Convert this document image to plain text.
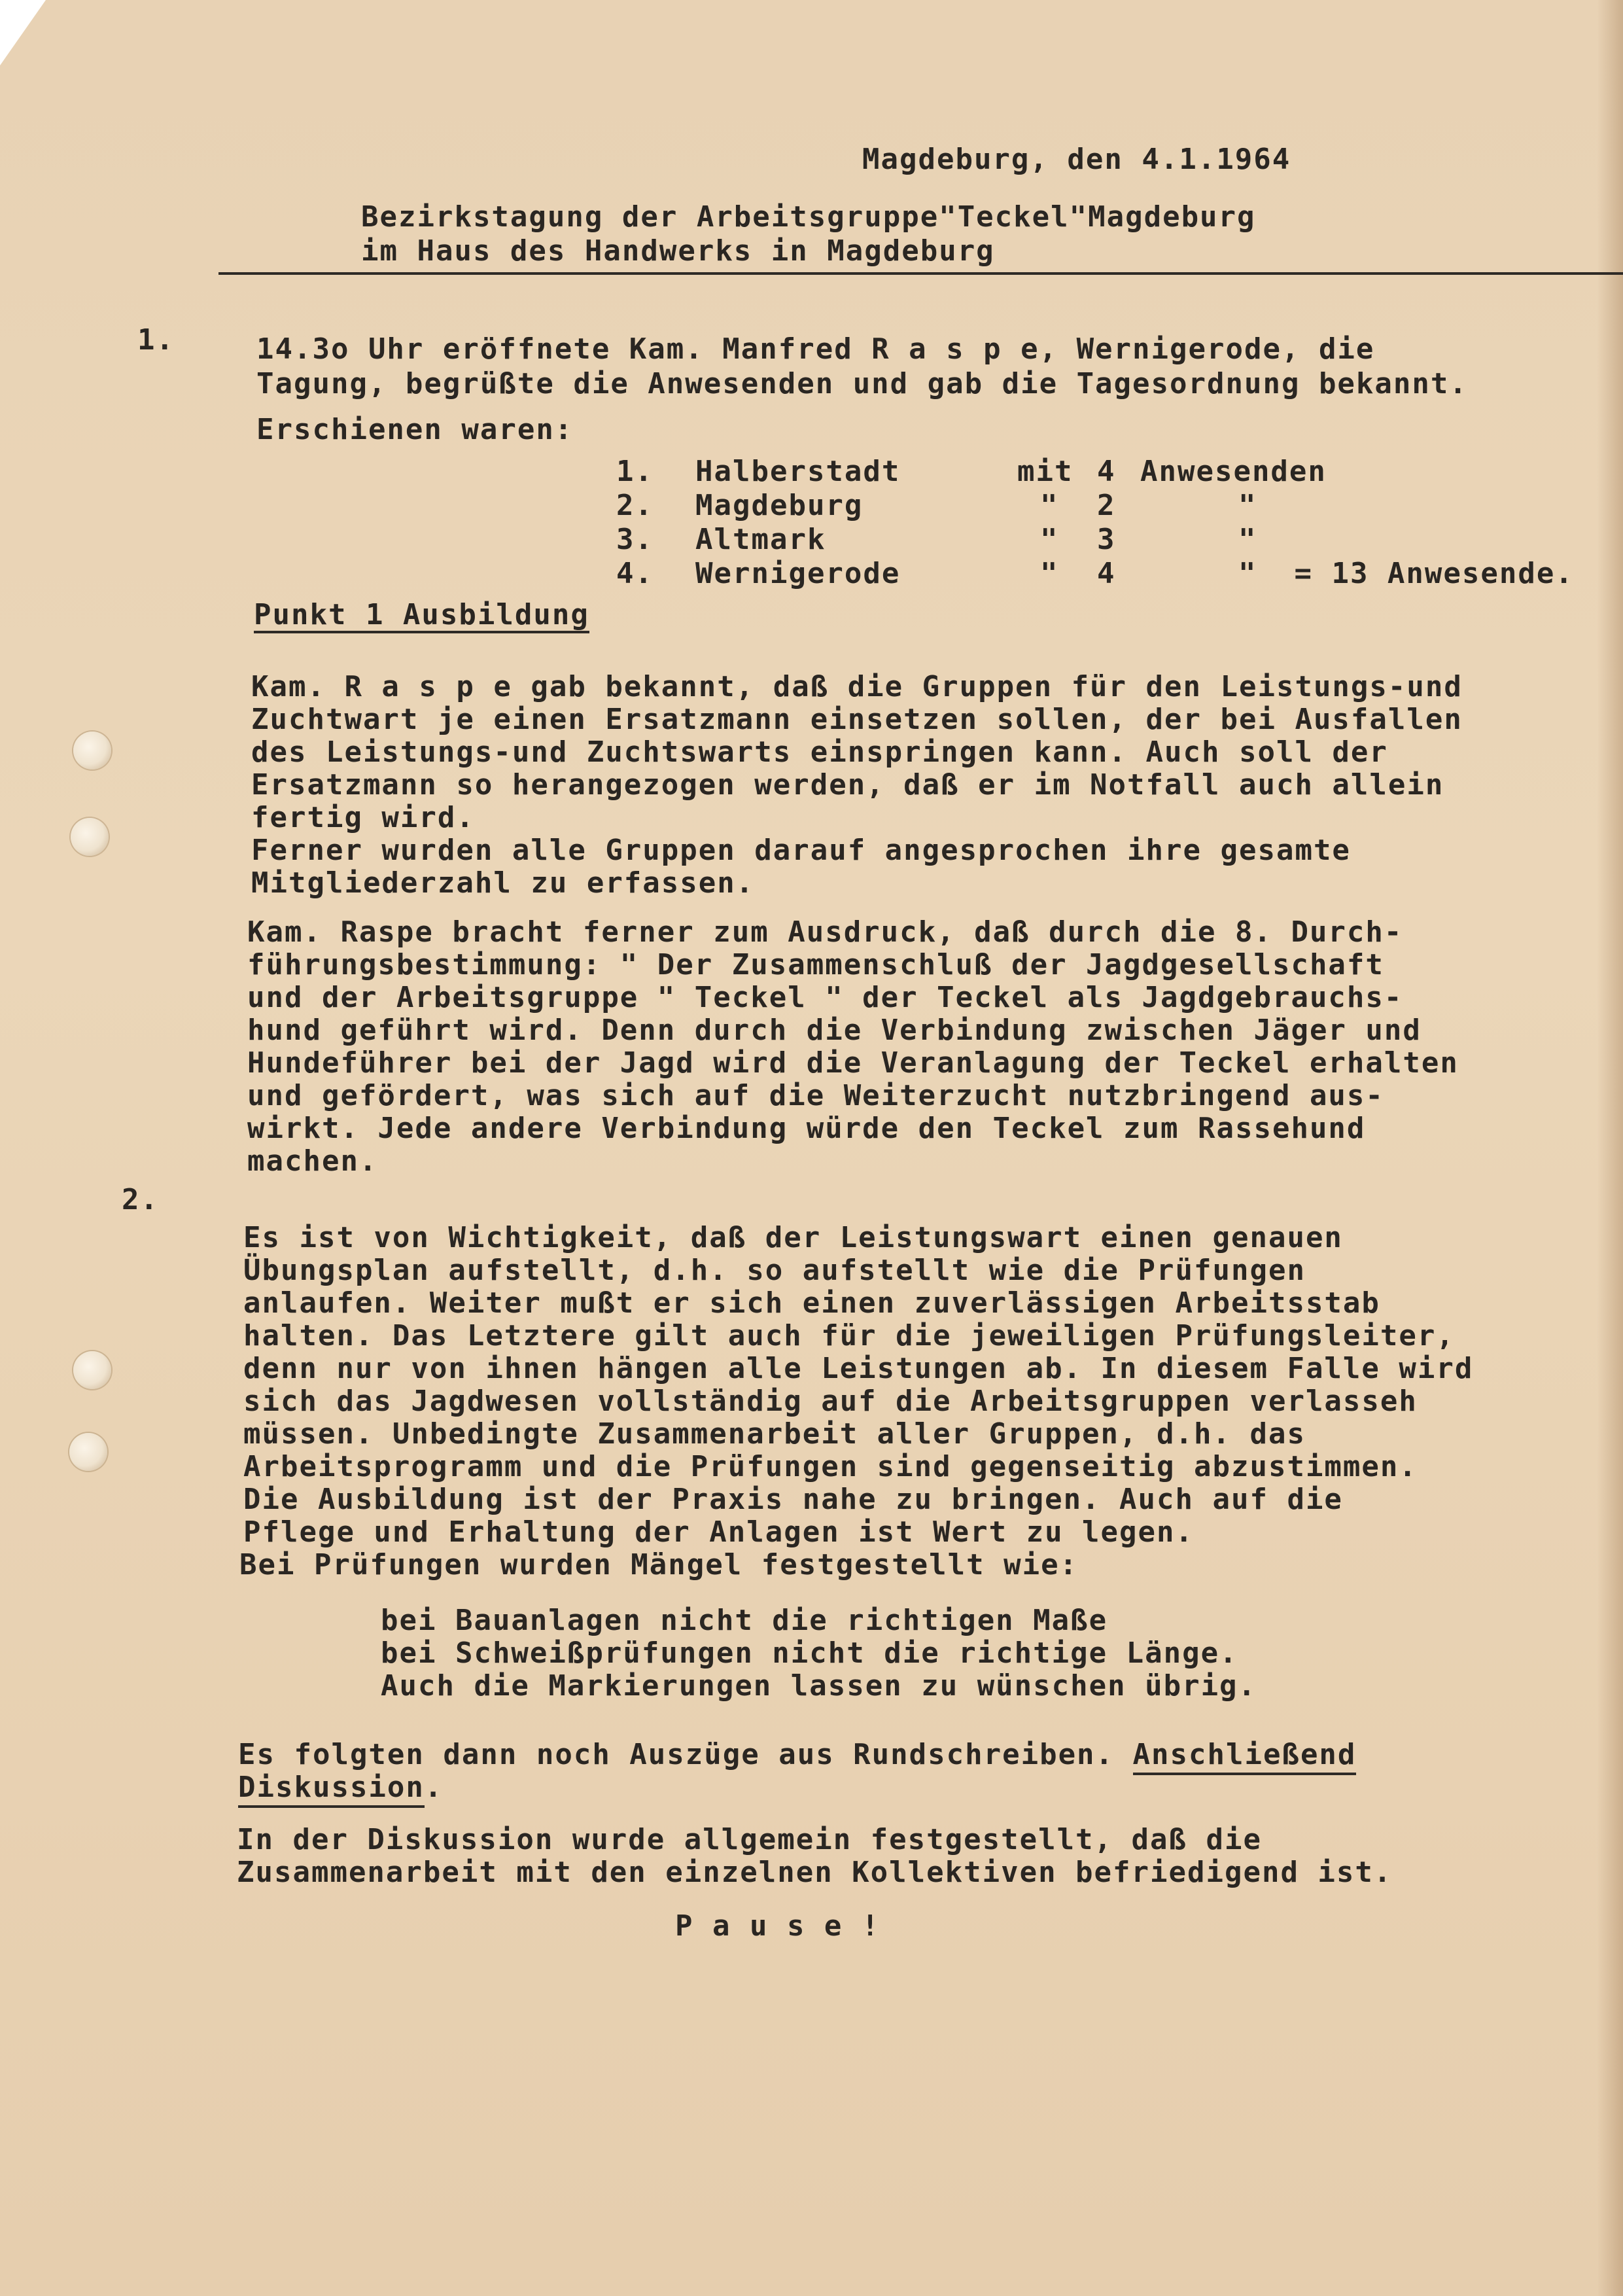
Magdeburg, den 4.1.1964
Bezirkstagung der Arbeitsgruppe"Teckel"Magdeburg
im Haus des Handwerks in Magdeburg
1.
2.
14.3o Uhr eröffnete Kam. Manfred R a s p e, Wernigerode, die
Tagung, begrüßte die Anwesenden und gab die Tagesordnung bekannt.
Erschienen waren:
1. Halberstadt	mit 4 Anwesenden
2. Magdeburg	" 2	"
3. Altmark	" 3	"
4. Wernigerode	" 4	"  = 13 Anwesende.
Punkt 1 Ausbildung
Kam. R a s p e gab bekannt, daß die Gruppen für den Leistungs-und
Zuchtwart je einen Ersatzmann einsetzen sollen, der bei Ausfallen
des Leistungs-und Zuchtswarts einspringen kann. Auch soll der
Ersatzmann so herangezogen werden, daß er im Notfall auch allein
fertig wird.
Ferner wurden alle Gruppen darauf angesprochen ihre gesamte
Mitgliederzahl zu erfassen.
Kam. Raspe bracht ferner zum Ausdruck, daß durch die 8. Durch-
führungsbestimmung: " Der Zusammenschluß der Jagdgesellschaft
und der Arbeitsgruppe " Teckel " der Teckel als Jagdgebrauchs-
hund geführt wird. Denn durch die Verbindung zwischen Jäger und
Hundeführer bei der Jagd wird die Veranlagung der Teckel erhalten
und gefördert, was sich auf die Weiterzucht nutzbringend aus-
wirkt. Jede andere Verbindung würde den Teckel zum Rassehund
machen.
Es ist von Wichtigkeit, daß der Leistungswart einen genauen
Übungsplan aufstellt, d.h. so aufstellt wie die Prüfungen
anlaufen. Weiter mußt er sich einen zuverlässigen Arbeitsstab
halten. Das Letztere gilt auch für die jeweiligen Prüfungsleiter,
denn nur von ihnen hängen alle Leistungen ab. In diesem Falle wird
sich das Jagdwesen vollständig auf die Arbeitsgruppen verlasseh
müssen. Unbedingte Zusammenarbeit aller Gruppen, d.h. das
Arbeitsprogramm und die Prüfungen sind gegenseitig abzustimmen.
Die Ausbildung ist der Praxis nahe zu bringen. Auch auf die
Pflege und Erhaltung der Anlagen ist Wert zu legen.
Bei Prüfungen wurden Mängel festgestellt wie:
bei Bauanlagen nicht die richtigen Maße
bei Schweißprüfungen nicht die richtige Länge.
Auch die Markierungen lassen zu wünschen übrig.
Es folgten dann noch Auszüge aus Rundschreiben. Anschließend
Diskussion.
In der Diskussion wurde allgemein festgestellt, daß die
Zusammenarbeit mit den einzelnen Kollektiven befriedigend ist.
P a u s e !
